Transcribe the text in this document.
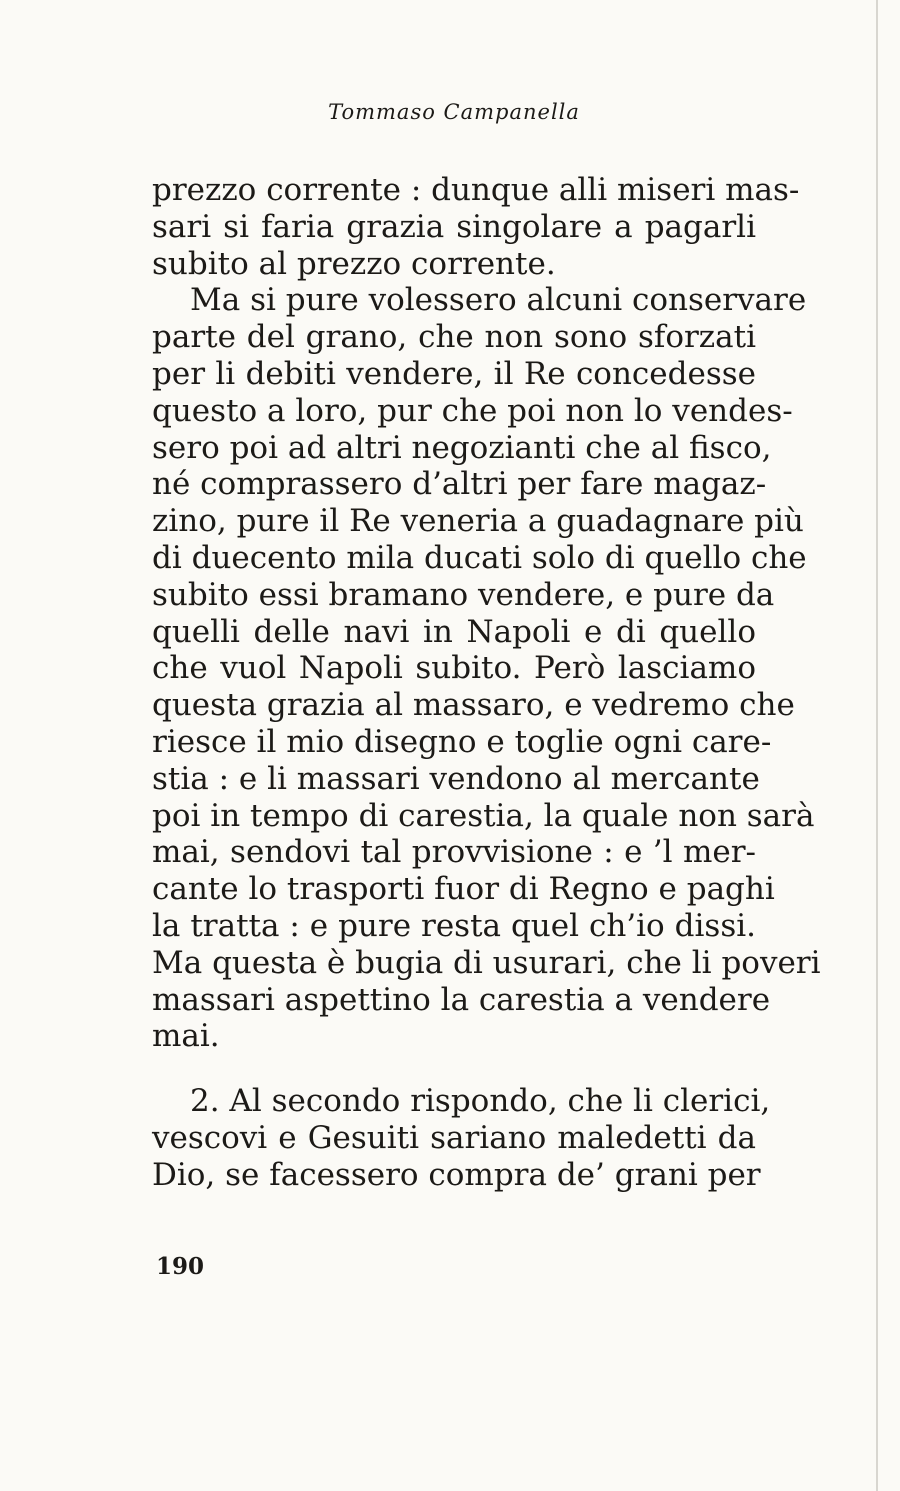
Tommaso Campanella
prezzo corrente : dunque alli miseri mas-
sari si faria grazia singolare a pagarli
subito al prezzo corrente.
Ma si pure volessero alcuni conservare
parte del grano, che non sono sforzati
per li debiti vendere, il Re concedesse
questo a loro, pur che poi non lo vendes-
sero poi ad altri negozianti che al fisco,
né comprassero d’altri per fare magaz-
zino, pure il Re veneria a guadagnare più
di duecento mila ducati solo di quello che
subito essi bramano vendere, e pure da
quelli delle navi in Napoli e di quello
che vuol Napoli subito. Però lasciamo
questa grazia al massaro, e vedremo che
riesce il mio disegno e toglie ogni care-
stia : e li massari vendono al mercante
poi in tempo di carestia, la quale non sarà
mai, sendovi tal provvisione : e ’l mer-
cante lo trasporti fuor di Regno e paghi
la tratta : e pure resta quel ch’io dissi.
Ma questa è bugia di usurari, che li poveri
massari aspettino la carestia a vendere
mai.
2. Al secondo rispondo, che li clerici,
vescovi e Gesuiti sariano maledetti da
Dio, se facessero compra de’ grani per
190
